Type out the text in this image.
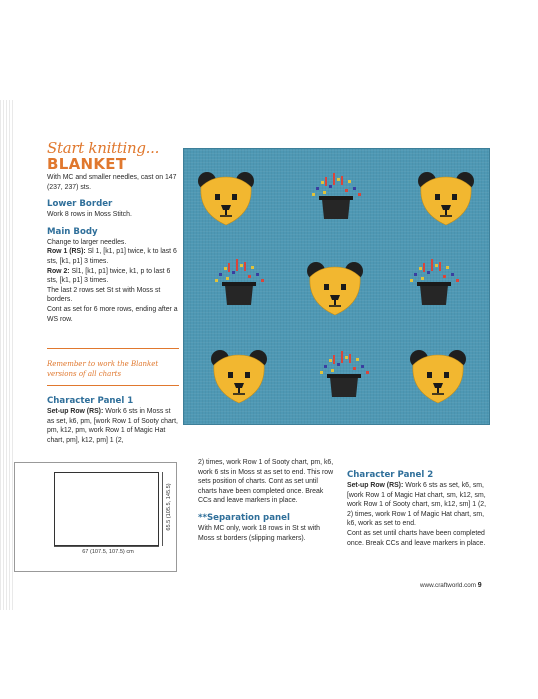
Start knitting...
BLANKET
With MC and smaller needles, cast on 147 (237, 237) sts.
Lower Border
Work 8 rows in Moss Stitch.
Main Body
Change to larger needles.
Row 1 (RS): Sl 1, [k1, p1] twice, k to last 6 sts, [k1, p1] 3 times.
Row 2: Sl1, [k1, p1] twice, k1, p to last 6 sts, [k1, p1] 3 times.
The last 2 rows set St st with Moss st borders.
Cont as set for 6 more rows, ending after a WS row.
Remember to work the Blanket versions of all charts
Character Panel 1
Set-up Row (RS): Work 6 sts in Moss st as set, k6, pm, [work Row 1 of Sooty chart, pm, k12, pm, work Row 1 of Magic Hat chart, pm], k12, pm] 1 (2,
67 (107.5, 107.5) cm
65.5 (105.5, 145.5)
2) times, work Row 1 of Sooty chart, pm, k6, work 6 sts in Moss st as set to end. This row sets position of charts. Cont as set until charts have been completed once. Break CCs and leave markers in place.
**Separation panel
With MC only, work 18 rows in St st with Moss st borders (slipping markers).
Character Panel 2
Set-up Row (RS): Work 6 sts as set, k6, sm, [work Row 1 of Magic Hat chart, sm, k12, sm, work Row 1 of Sooty chart, sm, k12, sm] 1 (2, 2) times, work Row 1 of Magic Hat chart, sm, k6, work as set to end.
Cont as set until charts have been completed once. Break CCs and leave markers in place.
www.craftworld.com 9
